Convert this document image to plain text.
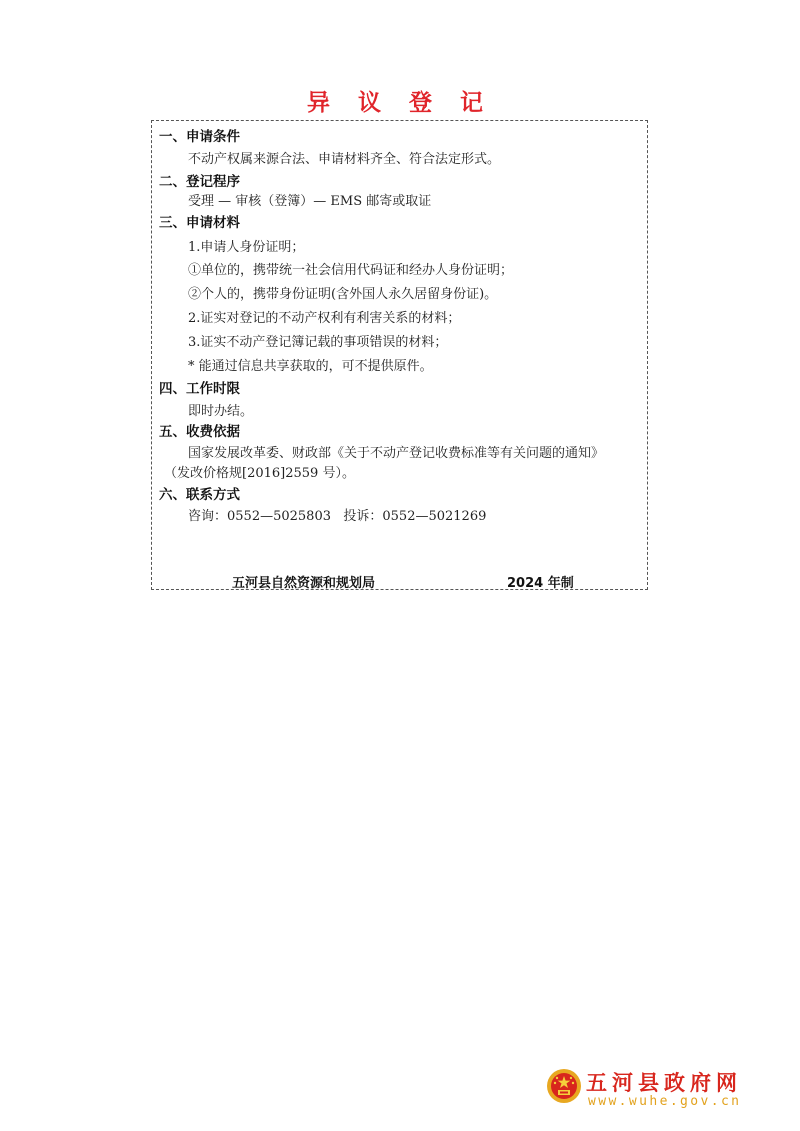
异 议 登 记
一、申请条件
不动产权属来源合法、申请材料齐全、符合法定形式。
二、登记程序
受理 — 审核（登簿）— EMS 邮寄或取证
三、申请材料
1.申请人身份证明；
①单位的，携带统一社会信用代码证和经办人身份证明；
②个人的，携带身份证明(含外国人永久居留身份证)。
2.证实对登记的不动产权利有利害关系的材料；
3.证实不动产登记簿记载的事项错误的材料；
* 能通过信息共享获取的，可不提供原件。
四、工作时限
即时办结。
五、收费依据
国家发展改革委、财政部《关于不动产登记收费标准等有关问题的通知》
（发改价格规[2016]2559 号）。
六、联系方式
咨询：0552—5025803   投诉：0552—5021269
五河县自然资源和规划局	2024 年制
五河县政府网
www.wuhe.gov.cn
